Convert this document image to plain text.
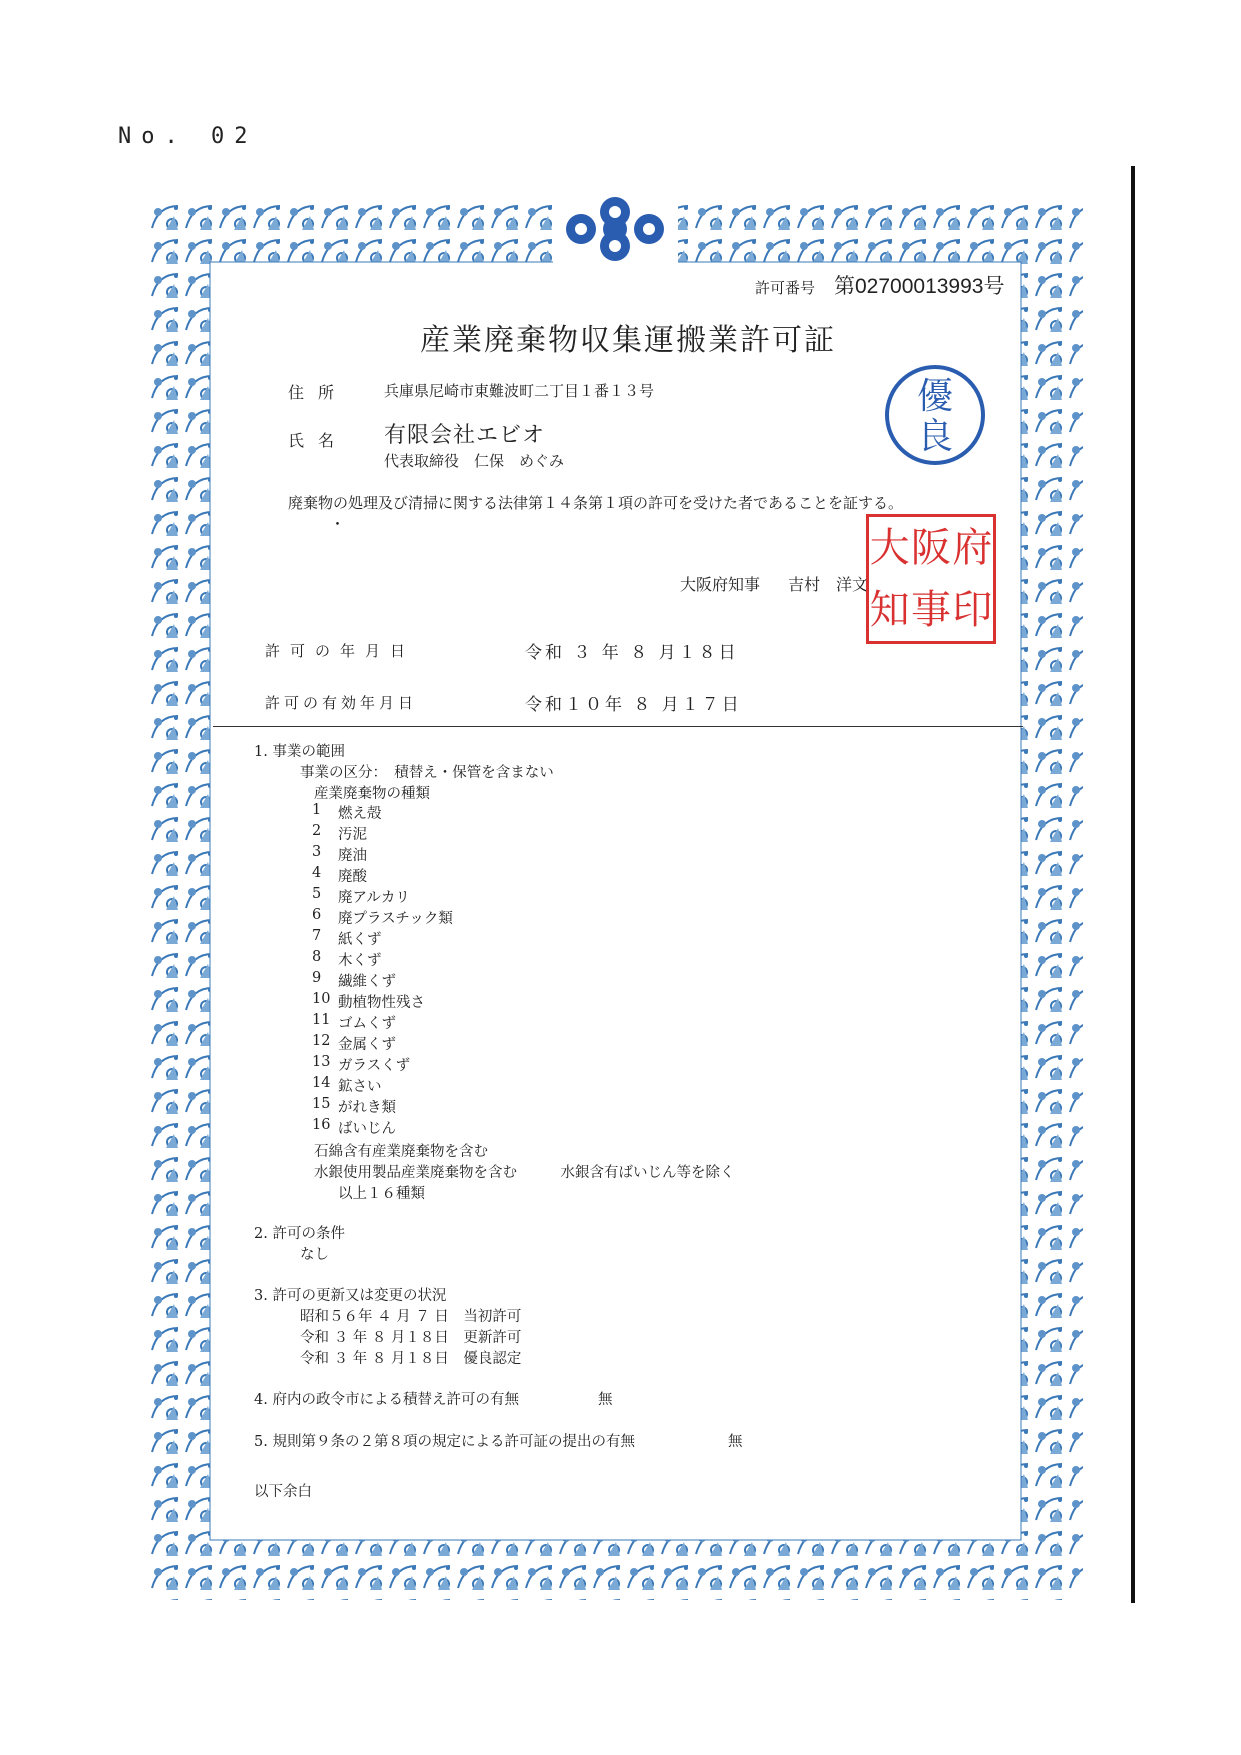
No. 02
許可番号 第02700013993号
産業廃棄物収集運搬業許可証
住所 兵庫県尼崎市東難波町二丁目１番１３号
氏名 有限会社エビオ
代表取締役　仁保　めぐみ
優
良
廃棄物の処理及び清掃に関する法律第１４条第１項の許可を受けた者であることを証する。
・
大阪府知事 吉村　洋文
大 阪 府
知 事 印
許可の年月日	令和 ３ 年 ８ 月１８日
許可の有効年月日	令和１０年 ８ 月１７日
1. 事業の範囲
事業の区分：　積替え・保管を含まない
産業廃棄物の種類
1	燃え殻
2	汚泥
3	廃油
4	廃酸
5	廃アルカリ
6	廃プラスチック類
7	紙くず
8	木くず
9	繊維くず
10 動植物性残さ
11 ゴムくず
12 金属くず
13 ガラスくず
14 鉱さい
15 がれき類
16 ばいじん
石綿含有産業廃棄物を含む
水銀使用製品産業廃棄物を含む　　　水銀含有ばいじん等を除く
以上１６種類
2. 許可の条件
なし
3. 許可の更新又は変更の状況
昭和５６年 ４ 月 ７ 日　当初許可
令和 ３ 年 ８ 月１８日　更新許可
令和 ３ 年 ８ 月１８日　優良認定
4. 府内の政令市による積替え許可の有無	無
5. 規則第９条の２第８項の規定による許可証の提出の有無	無
以下余白
